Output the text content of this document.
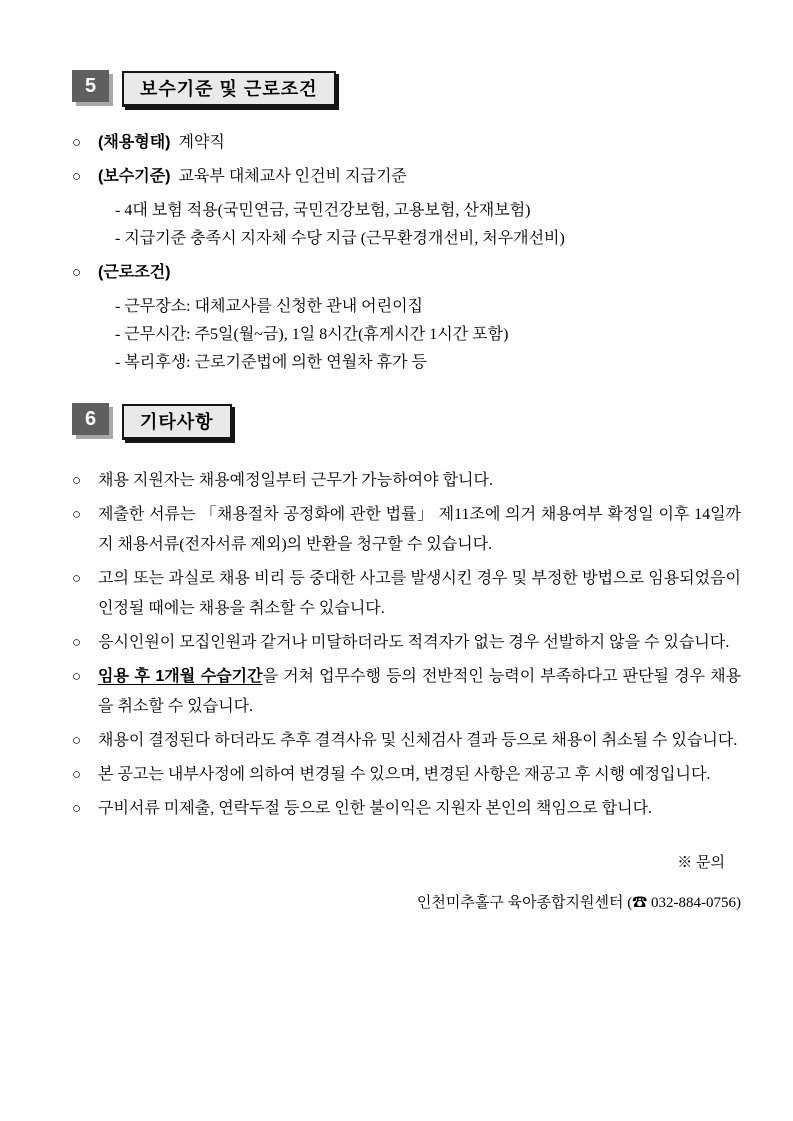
5	보수기준 및 근로조건
○	(채용형태) 계약직
○	(보수기준) 교육부 대체교사 인건비 지급기준
- 4대 보험 적용(국민연금, 국민건강보험, 고용보험, 산재보험)
- 지급기준 충족시 지자체 수당 지급 (근무환경개선비, 처우개선비)
○	(근로조건)
- 근무장소: 대체교사를 신청한 관내 어린이집
- 근무시간: 주5일(월~금), 1일 8시간(휴게시간 1시간 포함)
- 복리후생: 근로기준법에 의한 연월차 휴가 등
6	기타사항
○	채용 지원자는 채용예정일부터 근무가 가능하여야 합니다.
○	제출한 서류는 「채용절차 공정화에 관한 법률」 제11조에 의거 채용여부 확정일 이후 14일까지 채용서류(전자서류 제외)의 반환을 청구할 수 있습니다.
○	고의 또는 과실로 채용 비리 등 중대한 사고를 발생시킨 경우 및 부정한 방법으로 임용되었음이 인정될 때에는 채용을 취소할 수 있습니다.
○	응시인원이 모집인원과 같거나 미달하더라도 적격자가 없는 경우 선발하지 않을 수 있습니다.
○	임용 후 1개월 수습기간을 거쳐 업무수행 등의 전반적인 능력이 부족하다고 판단될 경우 채용을 취소할 수 있습니다.
○	채용이 결정된다 하더라도 추후 결격사유 및 신체검사 결과 등으로 채용이 취소될 수 있습니다.
○	본 공고는 내부사정에 의하여 변경될 수 있으며, 변경된 사항은 재공고 후 시행 예정입니다.
○	구비서류 미제출, 연락두절 등으로 인한 불이익은 지원자 본인의 책임으로 합니다.
※ 문의
인천미추홀구 육아종합지원센터 (☎ 032-884-0756)
